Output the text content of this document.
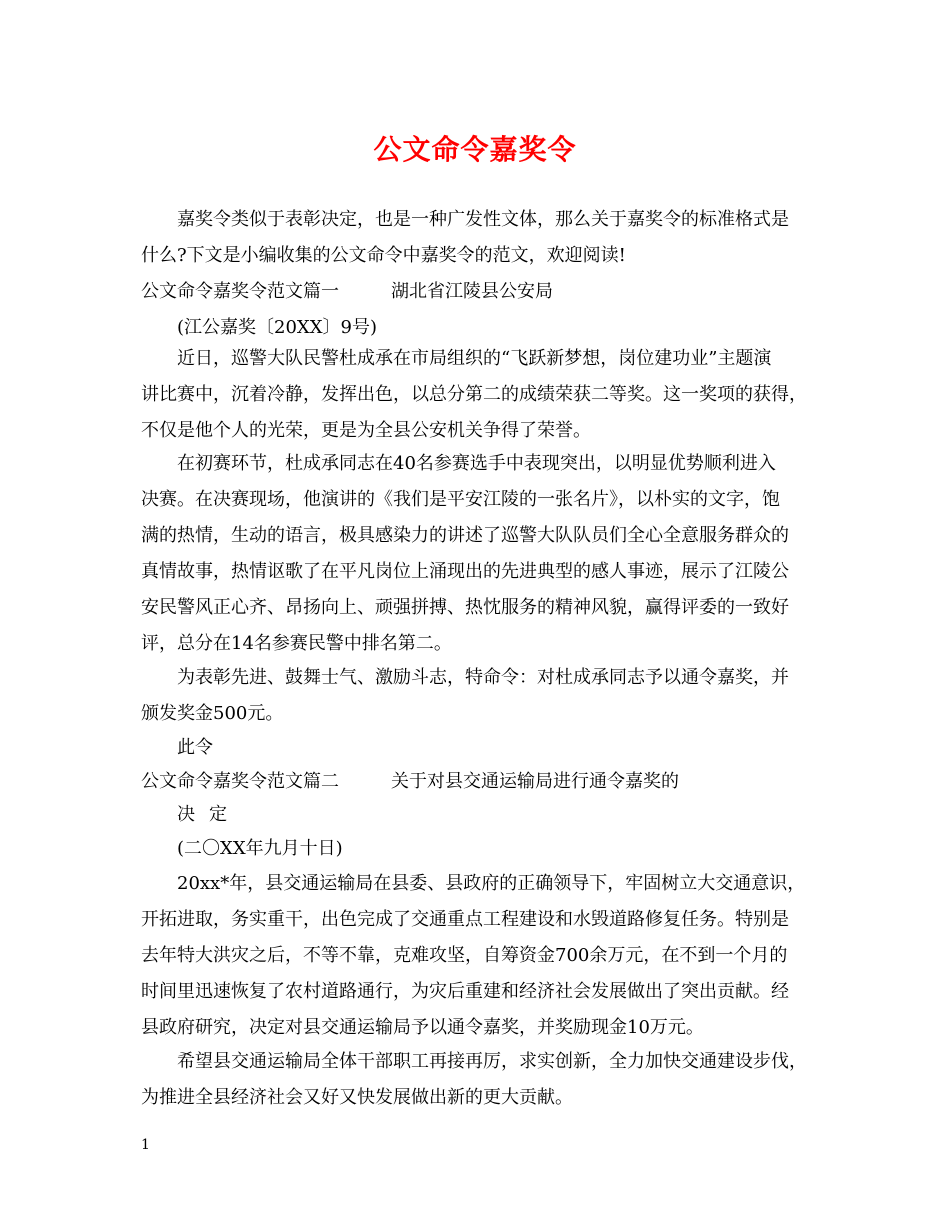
公文命令嘉奖令
嘉奖令类似于表彰决定，也是一种广发性文体，那么关于嘉奖令的标准格式是
什么?下文是小编收集的公文命令中嘉奖令的范文，欢迎阅读!
公文命令嘉奖令范文篇一	湖北省江陵县公安局
(江公嘉奖〔20XX〕9号)
近日，巡警大队民警杜成承在市局组织的“飞跃新梦想，岗位建功业”主题演
讲比赛中，沉着冷静，发挥出色，以总分第二的成绩荣获二等奖。这一奖项的获得，
不仅是他个人的光荣，更是为全县公安机关争得了荣誉。
在初赛环节，杜成承同志在40名参赛选手中表现突出，以明显优势顺利进入
决赛。在决赛现场，他演讲的《我们是平安江陵的一张名片》，以朴实的文字，饱
满的热情，生动的语言，极具感染力的讲述了巡警大队队员们全心全意服务群众的
真情故事，热情讴歌了在平凡岗位上涌现出的先进典型的感人事迹，展示了江陵公
安民警风正心齐、昂扬向上、顽强拼搏、热忱服务的精神风貌，赢得评委的一致好
评，总分在14名参赛民警中排名第二。
为表彰先进、鼓舞士气、激励斗志，特命令：对杜成承同志予以通令嘉奖，并
颁发奖金500元。
此令
公文命令嘉奖令范文篇二	关于对县交通运输局进行通令嘉奖的
决定
(二〇XX年九月十日)
20xx*年，县交通运输局在县委、县政府的正确领导下，牢固树立大交通意识，
开拓进取，务实重干，出色完成了交通重点工程建设和水毁道路修复任务。特别是
去年特大洪灾之后，不等不靠，克难攻坚，自筹资金700余万元，在不到一个月的
时间里迅速恢复了农村道路通行，为灾后重建和经济社会发展做出了突出贡献。经
县政府研究，决定对县交通运输局予以通令嘉奖，并奖励现金10万元。
希望县交通运输局全体干部职工再接再厉，求实创新，全力加快交通建设步伐，
为推进全县经济社会又好又快发展做出新的更大贡献。
1
